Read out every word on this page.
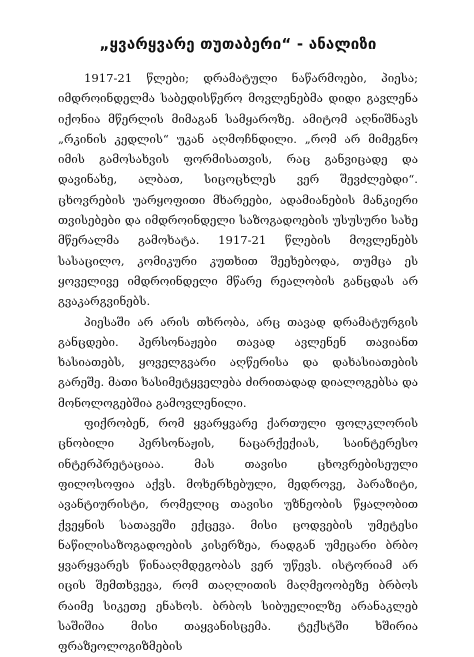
„ყვარყვარე თუთაბერი“ - ანალიზი

1917-21 წლები; დრამატული ნაწარმოები, პიესა; იმდროინდელმა საბედისწერო მოვლენებმა დიდი გავლენა იქონია მწერლის მიმაგან სამყაროზე. ამიტომ აღნიშნავს „რკინის კედლის“ უკან აღმოჩნდილი. „რომ არ მიმეგნო იმის გამოსახვის ფორმისათვის, რაც განვიცადე და დავინახე, ალბათ, სიცოცხლეს ვერ შევძლებდი“. ცხოვრების უარყოფითი მხარეები, ადამიანების მანკიერი თვისებები და იმდროინდელი საზოგადოების უსუსური სახე მწერალმა გამოხატა. 1917-21 წლების მოვლენებს სასაცილო, კომიკური კუთხით შეეხებოდა, თუმცა ეს ყოველივე იმდროინდელი მწარე რეალობის განცდას არ გვაკარგვინებს.

პიესაში არ არის თხრობა, არც თავად დრამატურგის განცდები. პერსონაჟები თავად ავლენენ თავიანთ ხასიათებს, ყოველგვარი აღწერისა და დახასიათების გარეშე. მათი ხასიმეტყველება ძირითადად დიალოგებსა და მონოლოგებშია გამოვლენილი.

ფიქრობენ, რომ ყვარყვარე ქართული ფოლკლორის ცნობილი პერსონაჟის, ნაცარქექიას, საინტერესო ინტერპრეტაციაა. მას თავისი ცხოვრებისეული ფილოსოფია აქვს. მოხერხებული, მედროვე, პარაზიტი, ავანტიურისტი, რომელიც თავისი უზნეობის წყალობით ქვეყნის სათავეში ექცევა. მისი ცოდვების უმეტესი ნაწილისაზოგადოების კისერზეა, რადგან უმეცარი ბრბო ყვარყვარეს წინააღმდეგობას ვერ უწევს. ისტორიამ არ იცის შემთხვევა, რომ თაღლითის მაღმეოობეზე ბრბოს რაიმე სიკეთე ენახოს. ბრბოს სიბუელილზე არანაკლებ საშიშია მისი თაყვანისცემა. ტექსტში ხშირია ფრაზეოლოგიზმების
